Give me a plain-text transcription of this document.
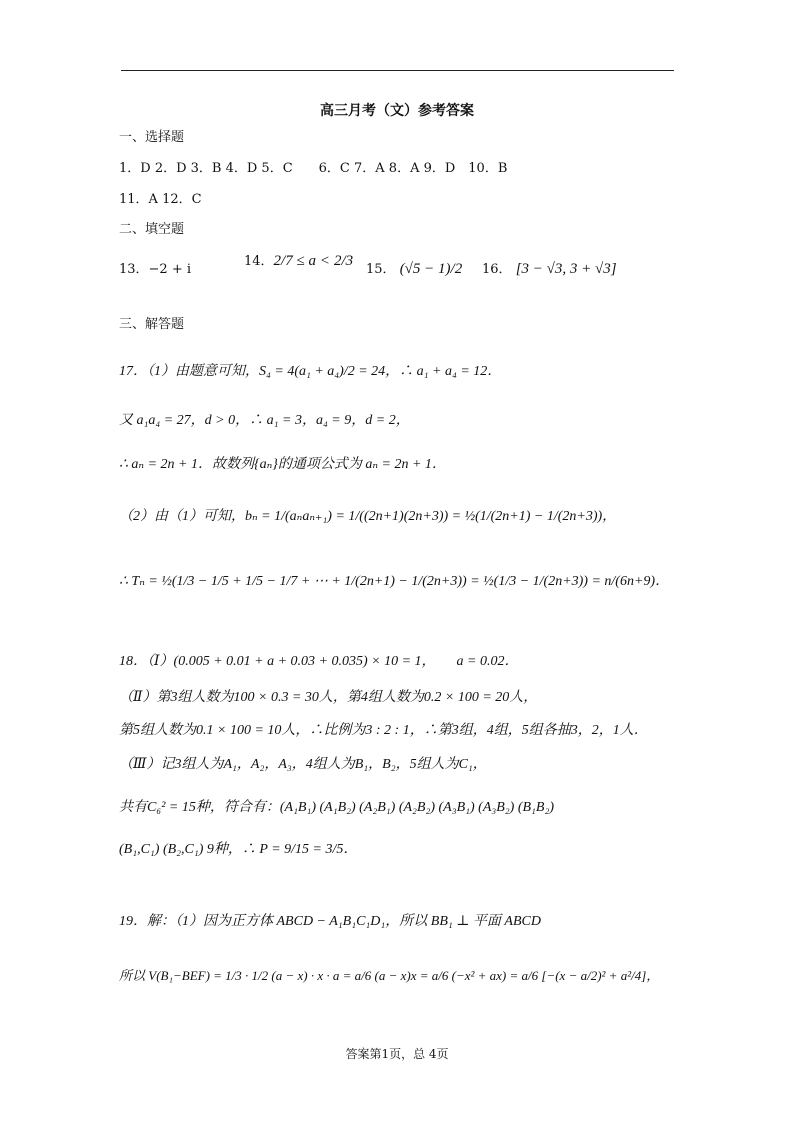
高三月考（文）参考答案
一、选择题
1．D 2．D 3．B 4．D 5．C　　6．C 7．A 8．A 9．D　10．B
11．A 12．C
二、填空题
13．−2 + i
14．2/7 ≤ a < 2/3
15． (√5 − 1)/2 16． [3 − √3, 3 + √3]
三、解答题
17．（1）由题意可知，S₄ = 4(a₁ + a₄)/2 = 24，∴ a₁ + a₄ = 12．
又 a₁a₄ = 27，d > 0，∴ a₁ = 3，a₄ = 9，d = 2，
∴ aₙ = 2n + 1．故数列{aₙ}的通项公式为 aₙ = 2n + 1．
（2）由（1）可知，bₙ = 1/(aₙaₙ₊₁) = 1/((2n+1)(2n+3)) = ½(1/(2n+1) − 1/(2n+3))，
∴ Tₙ = ½(1/3 − 1/5 + 1/5 − 1/7 + ⋯ + 1/(2n+1) − 1/(2n+3)) = ½(1/3 − 1/(2n+3)) = n/(6n+9)．
18．（Ⅰ）(0.005 + 0.01 + a + 0.03 + 0.035) × 10 = 1，　　a = 0.02．
（Ⅱ）第3组人数为100 × 0.3 = 30人，第4组人数为0.2 × 100 = 20人，
第5组人数为0.1 × 100 = 10人，∴比例为3 : 2 : 1，∴第3组，4组，5组各抽3，2，1人．
（Ⅲ）记3组人为A₁，A₂，A₃，4组人为B₁，B₂，5组人为C₁，
共有C₆² = 15种，符合有：(A₁B₁) (A₁B₂) (A₂B₁) (A₂B₂) (A₃B₁) (A₃B₂) (B₁B₂)
(B₁,C₁) (B₂,C₁) 9种，∴ P = 9/15 = 3/5．
19．解：（1）因为正方体 ABCD − A₁B₁C₁D₁，所以 BB₁ ⊥ 平面 ABCD
所以 V(B₁−BEF) = 1/3 · 1/2 (a − x) · x · a = a/6 (a − x)x = a/6 (−x² + ax) = a/6 [−(x − a/2)² + a²/4]，
答案第1页，总 4页
